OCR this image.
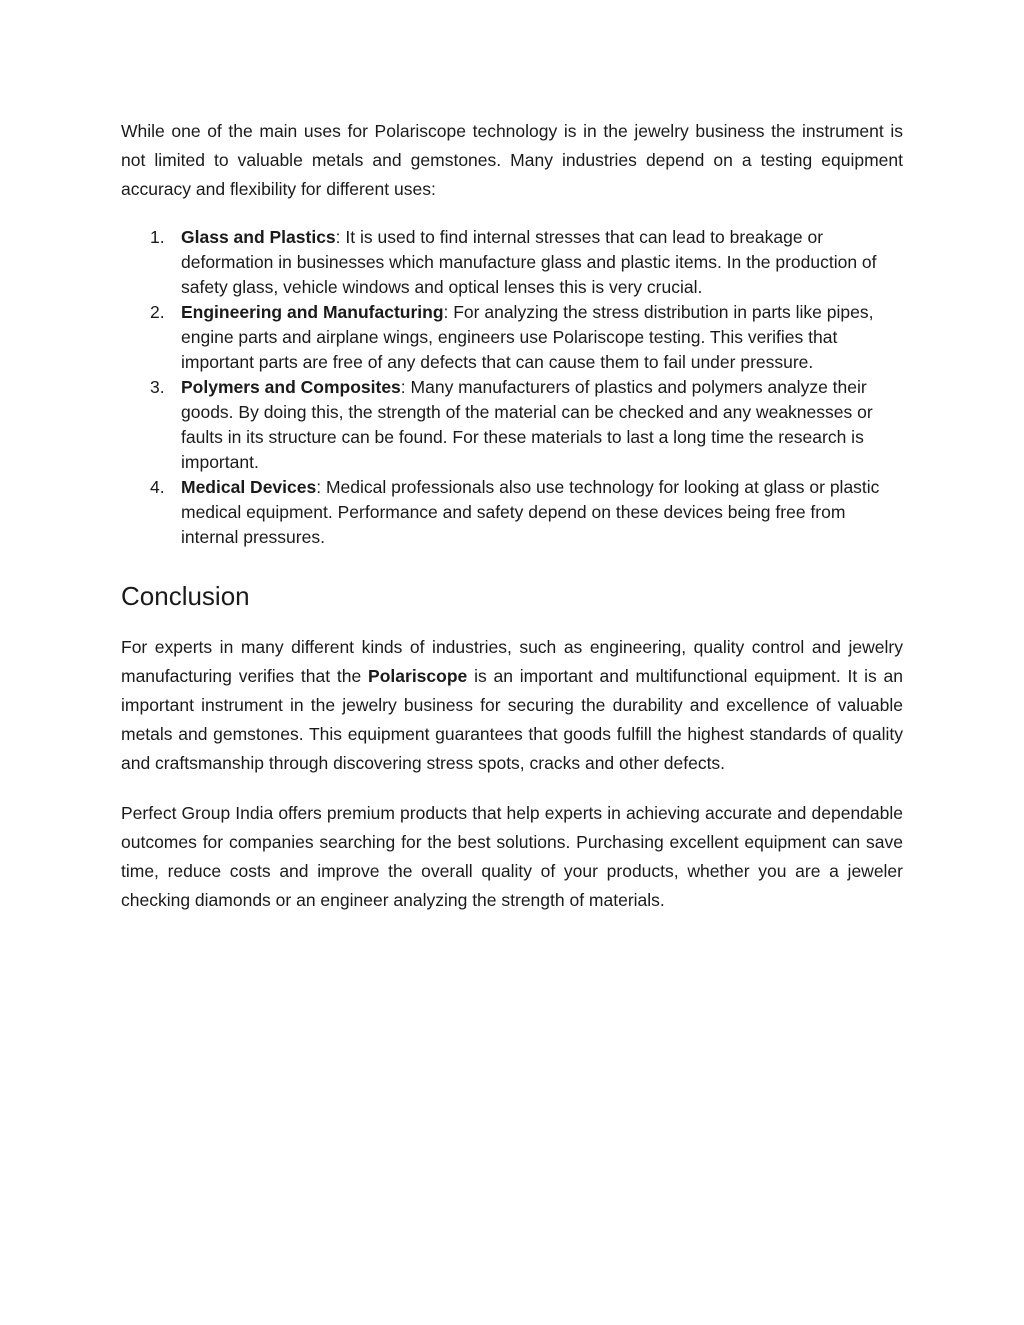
While one of the main uses for Polariscope technology is in the jewelry business the instrument is not limited to valuable metals and gemstones. Many industries depend on a testing equipment accuracy and flexibility for different uses:

1. Glass and Plastics: It is used to find internal stresses that can lead to breakage or deformation in businesses which manufacture glass and plastic items. In the production of safety glass, vehicle windows and optical lenses this is very crucial.
2. Engineering and Manufacturing: For analyzing the stress distribution in parts like pipes, engine parts and airplane wings, engineers use Polariscope testing. This verifies that important parts are free of any defects that can cause them to fail under pressure.
3. Polymers and Composites: Many manufacturers of plastics and polymers analyze their goods. By doing this, the strength of the material can be checked and any weaknesses or faults in its structure can be found. For these materials to last a long time the research is important.
4. Medical Devices: Medical professionals also use technology for looking at glass or plastic medical equipment. Performance and safety depend on these devices being free from internal pressures.
Conclusion

For experts in many different kinds of industries, such as engineering, quality control and jewelry manufacturing verifies that the Polariscope is an important and multifunctional equipment. It is an important instrument in the jewelry business for securing the durability and excellence of valuable metals and gemstones. This equipment guarantees that goods fulfill the highest standards of quality and craftsmanship through discovering stress spots, cracks and other defects.

Perfect Group India offers premium products that help experts in achieving accurate and dependable outcomes for companies searching for the best solutions. Purchasing excellent equipment can save time, reduce costs and improve the overall quality of your products, whether you are a jeweler checking diamonds or an engineer analyzing the strength of materials.
